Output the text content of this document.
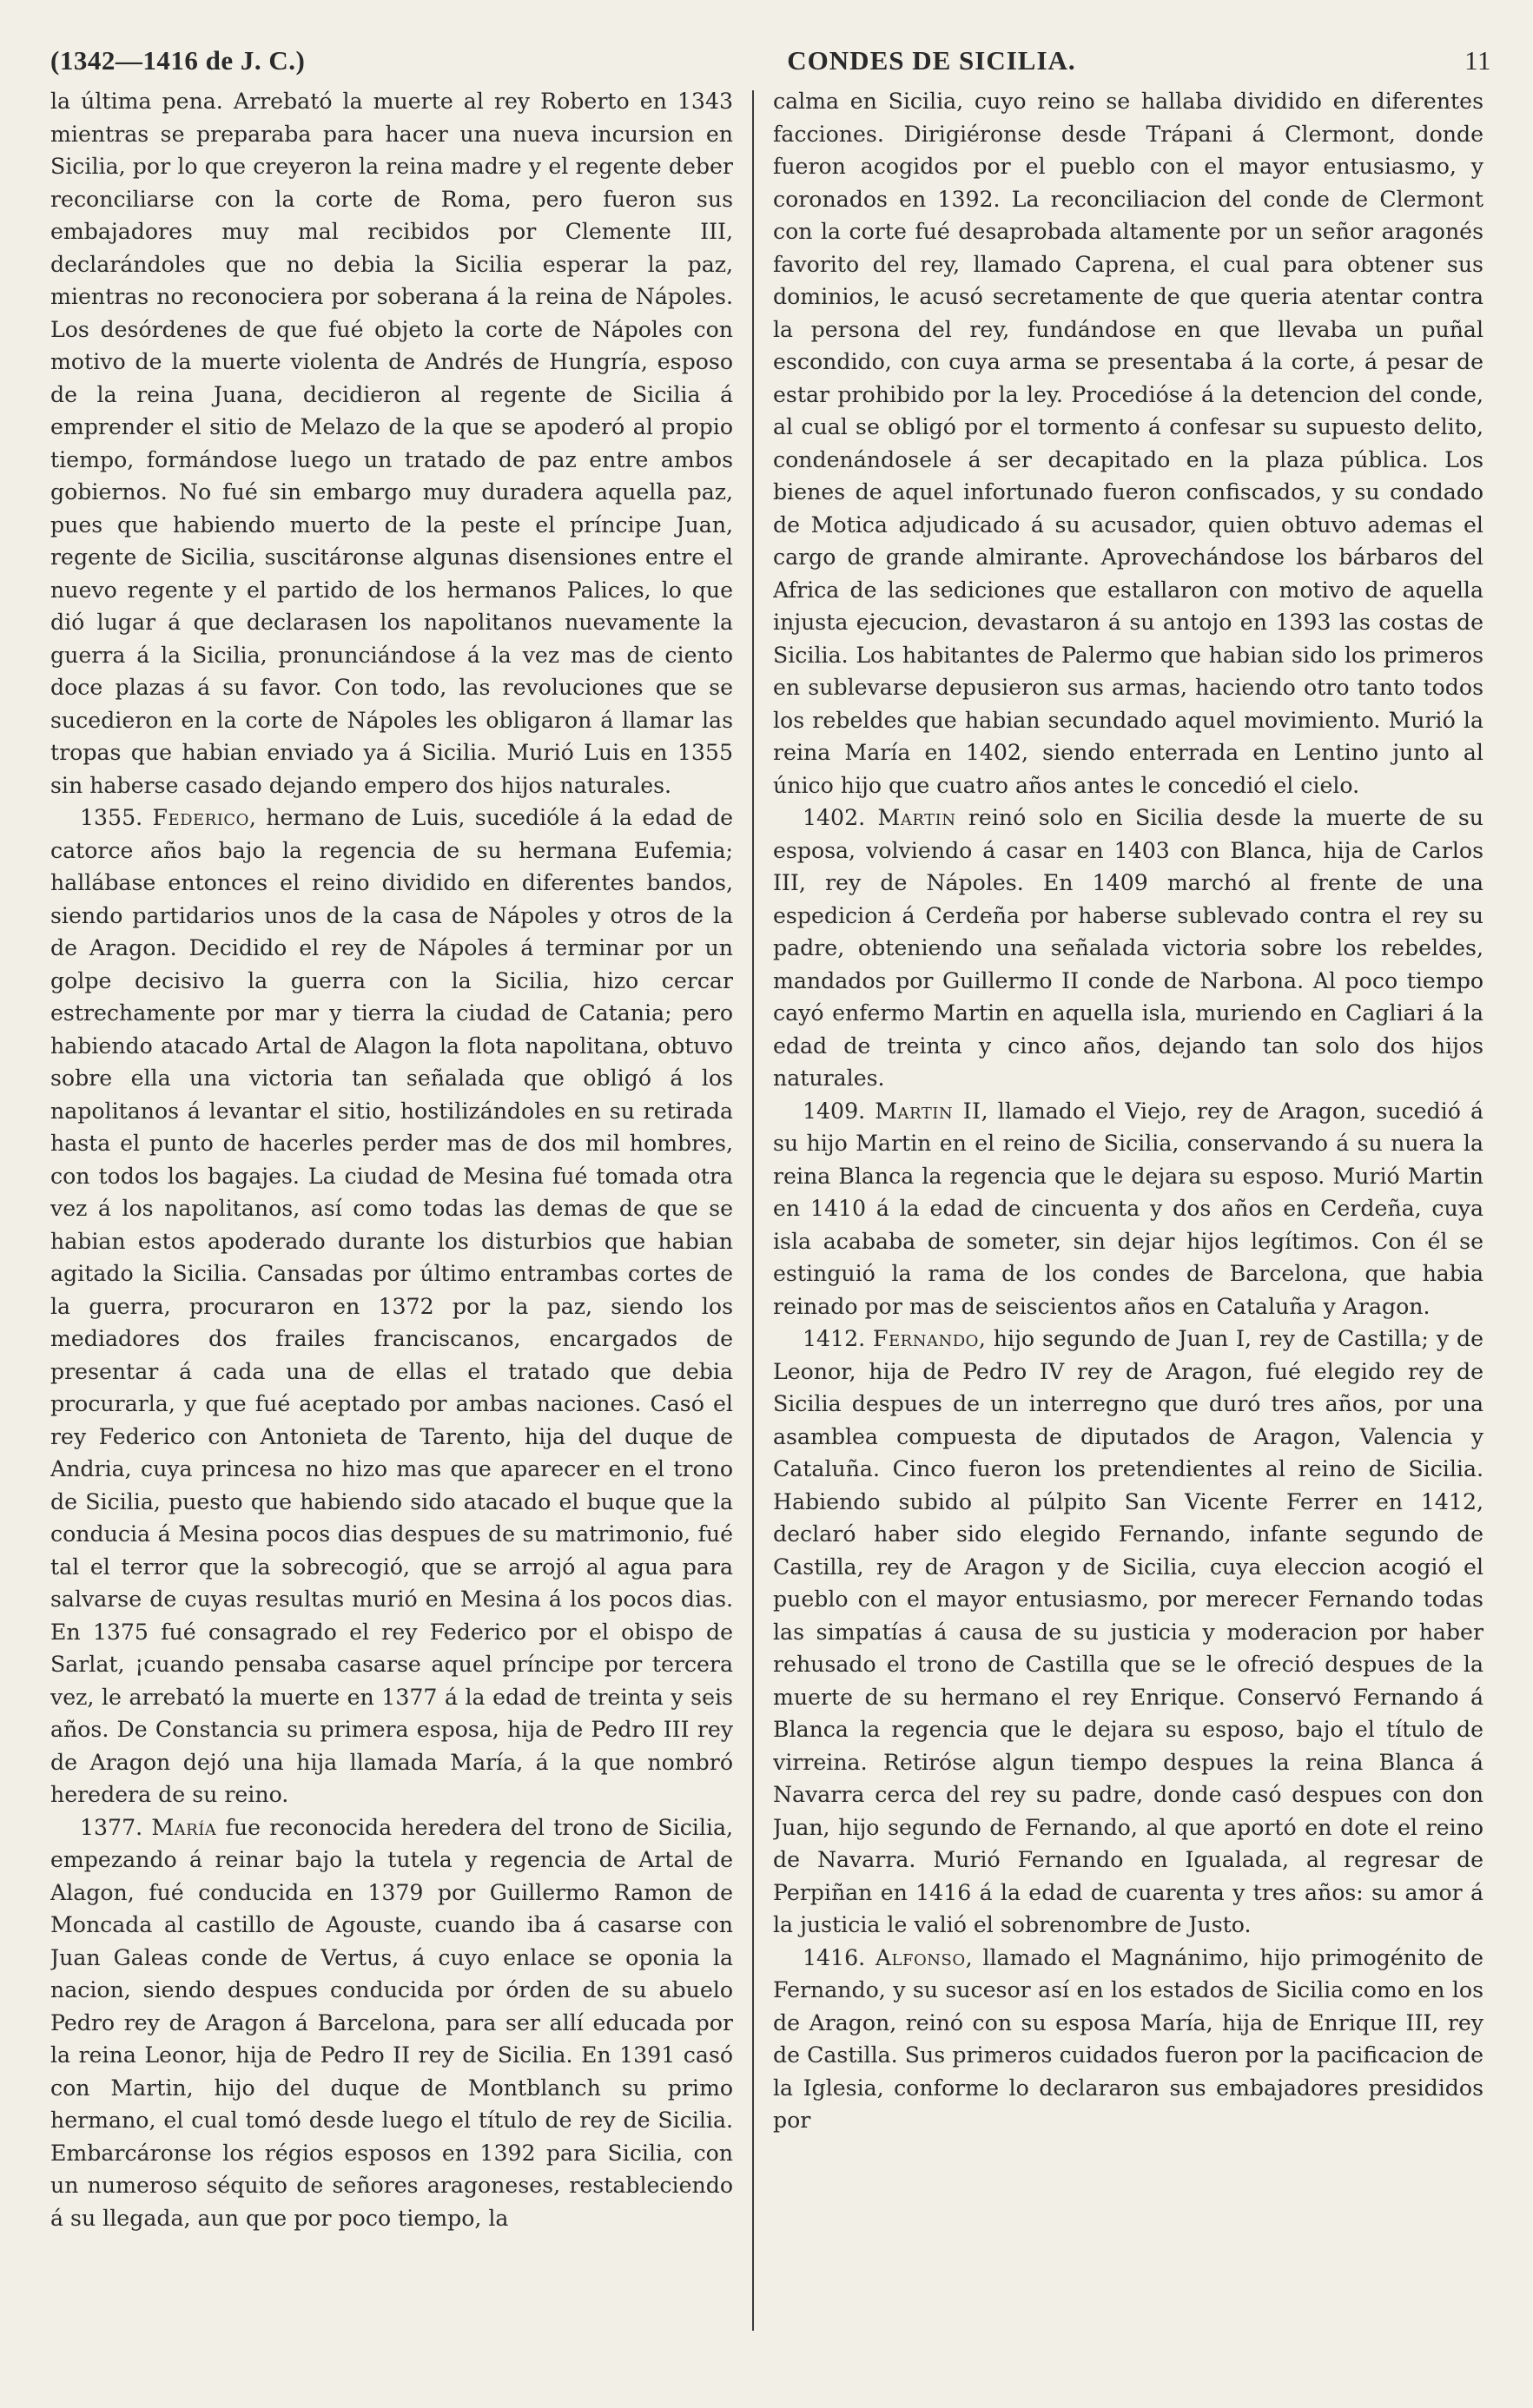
(1342—1416 de J. C.)	CONDES DE SICILIA.	11

la última pena. Arrebató la muerte al rey Roberto en 1343 mientras se preparaba para hacer una nueva incursion en Sicilia, por lo que creyeron la reina madre y el regente deber reconciliarse con la corte de Roma, pero fueron sus embajadores muy mal recibidos por Clemente III, declarándoles que no debia la Sicilia esperar la paz, mientras no reconociera por soberana á la reina de Nápoles. Los desórdenes de que fué objeto la corte de Nápoles con motivo de la muerte violenta de Andrés de Hungría, esposo de la reina Juana, decidieron al regente de Sicilia á emprender el sitio de Melazo de la que se apoderó al propio tiempo, formándose luego un tratado de paz entre ambos gobiernos. No fué sin embargo muy duradera aquella paz, pues que habiendo muerto de la peste el príncipe Juan, regente de Sicilia, suscitáronse algunas disensiones entre el nuevo regente y el partido de los hermanos Palices, lo que dió lugar á que declarasen los napolitanos nuevamente la guerra á la Sicilia, pronunciándose á la vez mas de ciento doce plazas á su favor. Con todo, las revoluciones que se sucedieron en la corte de Nápoles les obligaron á llamar las tropas que habian enviado ya á Sicilia. Murió Luis en 1355 sin haberse casado dejando empero dos hijos naturales.

1355. Federico, hermano de Luis, sucedióle á la edad de catorce años bajo la regencia de su hermana Eufemia; hallábase entonces el reino dividido en diferentes bandos, siendo partidarios unos de la casa de Nápoles y otros de la de Aragon. Decidido el rey de Nápoles á terminar por un golpe decisivo la guerra con la Sicilia, hizo cercar estrechamente por mar y tierra la ciudad de Catania; pero habiendo atacado Artal de Alagon la flota napolitana, obtuvo sobre ella una victoria tan señalada que obligó á los napolitanos á levantar el sitio, hostilizándoles en su retirada hasta el punto de hacerles perder mas de dos mil hombres, con todos los bagajes. La ciudad de Mesina fué tomada otra vez á los napolitanos, así como todas las demas de que se habian estos apoderado durante los disturbios que habian agitado la Sicilia. Cansadas por último entrambas cortes de la guerra, procuraron en 1372 por la paz, siendo los mediadores dos frailes franciscanos, encargados de presentar á cada una de ellas el tratado que debia procurarla, y que fué aceptado por ambas naciones. Casó el rey Federico con Antonieta de Tarento, hija del duque de Andria, cuya princesa no hizo mas que aparecer en el trono de Sicilia, puesto que habiendo sido atacado el buque que la conducia á Mesina pocos dias despues de su matrimonio, fué tal el terror que la sobrecogió, que se arrojó al agua para salvarse de cuyas resultas murió en Mesina á los pocos dias. En 1375 fué consagrado el rey Federico por el obispo de Sarlat, ¡cuando pensaba casarse aquel príncipe por tercera vez, le arrebató la muerte en 1377 á la edad de treinta y seis años. De Constancia su primera esposa, hija de Pedro III rey de Aragon dejó una hija llamada María, á la que nombró heredera de su reino.

1377. María fue reconocida heredera del trono de Sicilia, empezando á reinar bajo la tutela y regencia de Artal de Alagon, fué conducida en 1379 por Guillermo Ramon de Moncada al castillo de Agouste, cuando iba á casarse con Juan Galeas conde de Vertus, á cuyo enlace se oponia la nacion, siendo despues conducida por órden de su abuelo Pedro rey de Aragon á Barcelona, para ser allí educada por la reina Leonor, hija de Pedro II rey de Sicilia. En 1391 casó con Martin, hijo del duque de Montblanch su primo hermano, el cual tomó desde luego el título de rey de Sicilia. Embarcáronse los régios esposos en 1392 para Sicilia, con un numeroso séquito de señores aragoneses, restableciendo á su llegada, aun que por poco tiempo, la

calma en Sicilia, cuyo reino se hallaba dividido en diferentes facciones. Dirigiéronse desde Trápani á Clermont, donde fueron acogidos por el pueblo con el mayor entusiasmo, y coronados en 1392. La reconciliacion del conde de Clermont con la corte fué desaprobada altamente por un señor aragonés favorito del rey, llamado Caprena, el cual para obtener sus dominios, le acusó secretamente de que queria atentar contra la persona del rey, fundándose en que llevaba un puñal escondido, con cuya arma se presentaba á la corte, á pesar de estar prohibido por la ley. Procedióse á la detencion del conde, al cual se obligó por el tormento á confesar su supuesto delito, condenándosele á ser decapitado en la plaza pública. Los bienes de aquel infortunado fueron confiscados, y su condado de Motica adjudicado á su acusador, quien obtuvo ademas el cargo de grande almirante. Aprovechándose los bárbaros del Africa de las sediciones que estallaron con motivo de aquella injusta ejecucion, devastaron á su antojo en 1393 las costas de Sicilia. Los habitantes de Palermo que habian sido los primeros en sublevarse depusieron sus armas, haciendo otro tanto todos los rebeldes que habian secundado aquel movimiento. Murió la reina María en 1402, siendo enterrada en Lentino junto al único hijo que cuatro años antes le concedió el cielo.

1402. Martin reinó solo en Sicilia desde la muerte de su esposa, volviendo á casar en 1403 con Blanca, hija de Carlos III, rey de Nápoles. En 1409 marchó al frente de una espedicion á Cerdeña por haberse sublevado contra el rey su padre, obteniendo una señalada victoria sobre los rebeldes, mandados por Guillermo II conde de Narbona. Al poco tiempo cayó enfermo Martin en aquella isla, muriendo en Cagliari á la edad de treinta y cinco años, dejando tan solo dos hijos naturales.

1409. Martin II, llamado el Viejo, rey de Aragon, sucedió á su hijo Martin en el reino de Sicilia, conservando á su nuera la reina Blanca la regencia que le dejara su esposo. Murió Martin en 1410 á la edad de cincuenta y dos años en Cerdeña, cuya isla acababa de someter, sin dejar hijos legítimos. Con él se estinguió la rama de los condes de Barcelona, que habia reinado por mas de seiscientos años en Cataluña y Aragon.

1412. Fernando, hijo segundo de Juan I, rey de Castilla; y de Leonor, hija de Pedro IV rey de Aragon, fué elegido rey de Sicilia despues de un interregno que duró tres años, por una asamblea compuesta de diputados de Aragon, Valencia y Cataluña. Cinco fueron los pretendientes al reino de Sicilia. Habiendo subido al púlpito San Vicente Ferrer en 1412, declaró haber sido elegido Fernando, infante segundo de Castilla, rey de Aragon y de Sicilia, cuya eleccion acogió el pueblo con el mayor entusiasmo, por merecer Fernando todas las simpatías á causa de su justicia y moderacion por haber rehusado el trono de Castilla que se le ofreció despues de la muerte de su hermano el rey Enrique. Conservó Fernando á Blanca la regencia que le dejara su esposo, bajo el título de virreina. Retiróse algun tiempo despues la reina Blanca á Navarra cerca del rey su padre, donde casó despues con don Juan, hijo segundo de Fernando, al que aportó en dote el reino de Navarra. Murió Fernando en Igualada, al regresar de Perpiñan en 1416 á la edad de cuarenta y tres años: su amor á la justicia le valió el sobrenombre de Justo.

1416. Alfonso, llamado el Magnánimo, hijo primogénito de Fernando, y su sucesor así en los estados de Sicilia como en los de Aragon, reinó con su esposa María, hija de Enrique III, rey de Castilla. Sus primeros cuidados fueron por la pacificacion de la Iglesia, conforme lo declararon sus embajadores presididos por
